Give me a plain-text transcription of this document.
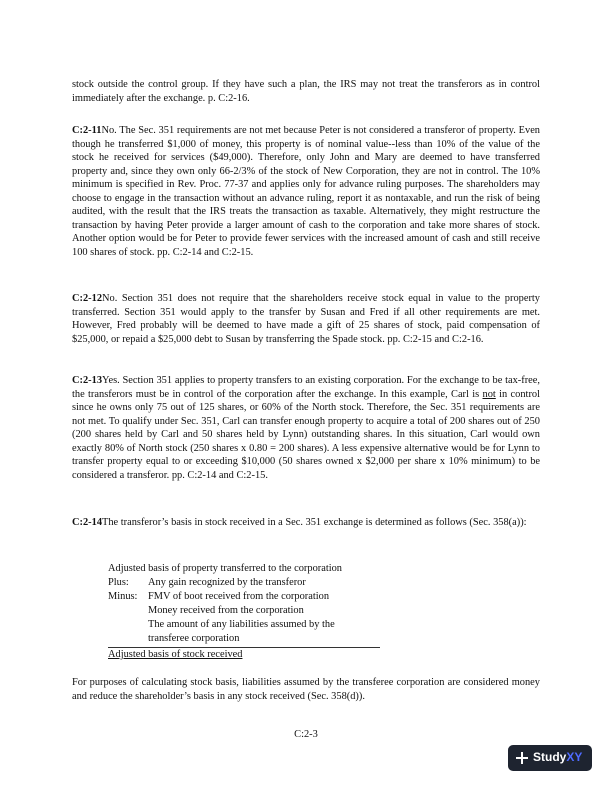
stock outside the control group. If they have such a plan, the IRS may not treat the transferors as in control immediately after the exchange. p. C:2-16.

C:2-11No. The Sec. 351 requirements are not met because Peter is not considered a transferor of property. Even though he transferred $1,000 of money, this property is of nominal value--less than 10% of the value of the stock he received for services ($49,000). Therefore, only John and Mary are deemed to have transferred property and, since they own only 66-2/3% of the stock of New Corporation, they are not in control. The 10% minimum is specified in Rev. Proc. 77-37 and applies only for advance ruling purposes. The shareholders may choose to engage in the transaction without an advance ruling, report it as nontaxable, and run the risk of being audited, with the result that the IRS treats the transaction as taxable. Alternatively, they might restructure the transaction by having Peter provide a larger amount of cash to the corporation and take more shares of stock. Another option would be for Peter to provide fewer services with the increased amount of cash and still receive 100 shares of stock. pp. C:2-14 and C:2-15.

C:2-12No. Section 351 does not require that the shareholders receive stock equal in value to the property transferred. Section 351 would apply to the transfer by Susan and Fred if all other requirements are met. However, Fred probably will be deemed to have made a gift of 25 shares of stock, paid compensation of $25,000, or repaid a $25,000 debt to Susan by transferring the Spade stock. pp. C:2-15 and C:2-16.

C:2-13Yes. Section 351 applies to property transfers to an existing corporation. For the exchange to be tax-free, the transferors must be in control of the corporation after the exchange. In this example, Carl is not in control since he owns only 75 out of 125 shares, or 60% of the North stock. Therefore, the Sec. 351 requirements are not met. To qualify under Sec. 351, Carl can transfer enough property to acquire a total of 200 shares out of 250 (200 shares held by Carl and 50 shares held by Lynn) outstanding shares. In this situation, Carl would own exactly 80% of North stock (250 shares x 0.80 = 200 shares). A less expensive alternative would be for Lynn to transfer property equal to or exceeding $10,000 (50 shares owned x $2,000 per share x 10% minimum) to be considered a transferor. pp. C:2-14 and C:2-15.

C:2-14The transferor’s basis in stock received in a Sec. 351 exchange is determined as follows (Sec. 358(a)):

Adjusted basis of property transferred to the corporation
Plus: Any gain recognized by the transferor
Minus: FMV of boot received from the corporation
Money received from the corporation
The amount of any liabilities assumed by the
transferee corporation
Adjusted basis of stock received

For purposes of calculating stock basis, liabilities assumed by the transferee corporation are considered money and reduce the shareholder’s basis in any stock received (Sec. 358(d)).

C:2-3
Study XY
